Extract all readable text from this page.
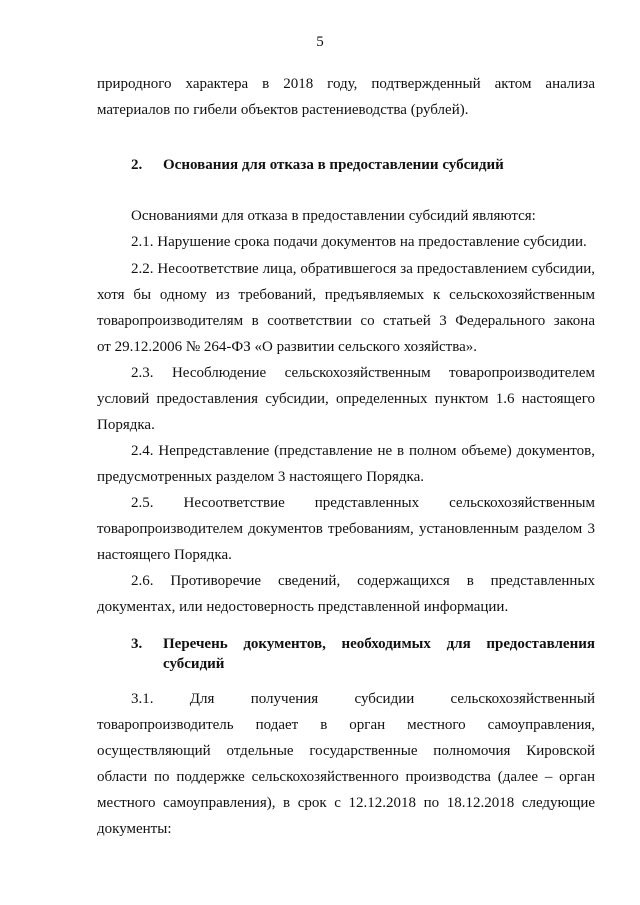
5
природного характера в 2018 году, подтвержденный актом анализа
материалов по гибели объектов растениеводства (рублей).
2. Основания для отказа в предоставлении субсидий
Основаниями для отказа в предоставлении субсидий являются:
2.1. Нарушение срока подачи документов на предоставление субсидии.
2.2. Несоответствие лица, обратившегося за предоставлением субсидии,
хотя бы одному из требований, предъявляемых к сельскохозяйственным
товаропроизводителям в соответствии со статьей 3 Федерального закона
от 29.12.2006 № 264-ФЗ «О развитии сельского хозяйства».
2.3. Несоблюдение сельскохозяйственным товаропроизводителем
условий предоставления субсидии, определенных пунктом 1.6 настоящего
Порядка.
2.4. Непредставление (представление не в полном объеме) документов,
предусмотренных разделом 3 настоящего Порядка.
2.5. Несоответствие представленных сельскохозяйственным
товаропроизводителем документов требованиям, установленным разделом 3
настоящего Порядка.
2.6. Противоречие сведений, содержащихся в представленных
документах, или недостоверность представленной информации.
3. Перечень документов, необходимых для предоставления
субсидий
3.1. Для получения субсидии сельскохозяйственный
товаропроизводитель подает в орган местного самоуправления,
осуществляющий отдельные государственные полномочия Кировской
области по поддержке сельскохозяйственного производства (далее – орган
местного самоуправления), в срок с 12.12.2018 по 18.12.2018 следующие
документы:
